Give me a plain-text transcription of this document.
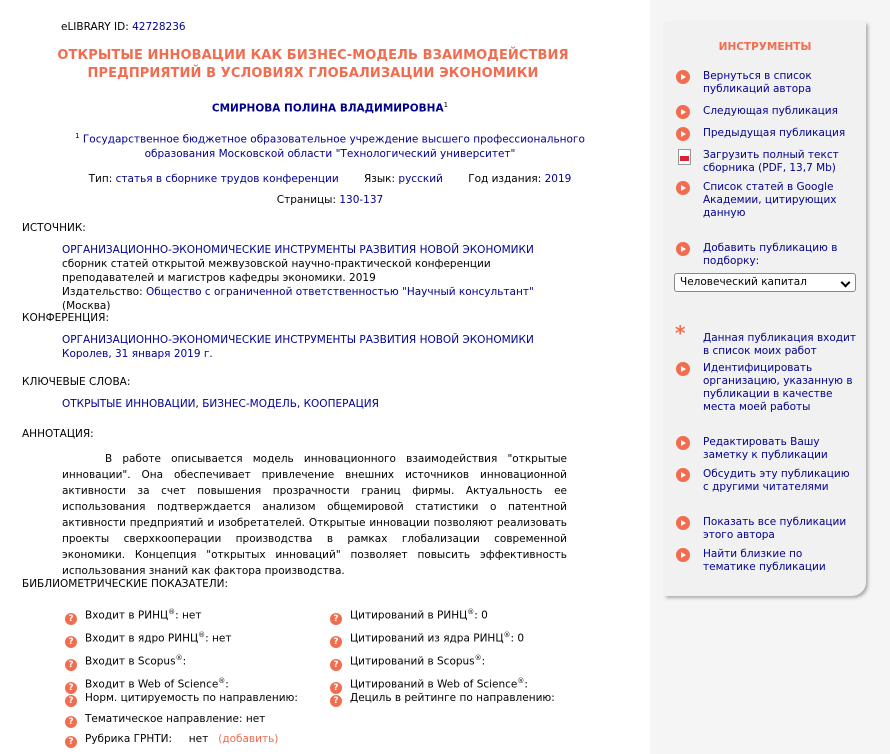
eLIBRARY ID: 42728236
ОТКРЫТЫЕ ИННОВАЦИИ КАК БИЗНЕС-МОДЕЛЬ ВЗАИМОДЕЙСТВИЯ ПРЕДПРИЯТИЙ В УСЛОВИЯХ ГЛОБАЛИЗАЦИИ ЭКОНОМИКИ
СМИРНОВА ПОЛИНА ВЛАДИМИРОВНА$^1$
$^1$ Государственное бюджетное образовательное учреждение высшего профессионального образования Московской области "Технологический университет"
Тип: статья в сборнике трудов конференции Язык: русский Год издания: 2019
Страницы: 130-137
ИСТОЧНИК:
ОРГАНИЗАЦИОННО-ЭКОНОМИЧЕСКИЕ ИНСТРУМЕНТЫ РАЗВИТИЯ НОВОЙ ЭКОНОМИКИ
сборник статей открытой межвузовской научно-практической конференции преподавателей и магистров кафедры экономики. 2019
Издательство: Общество с ограниченной ответственностью "Научный консультант" (Москва)
КОНФЕРЕНЦИЯ:
ОРГАНИЗАЦИОННО-ЭКОНОМИЧЕСКИЕ ИНСТРУМЕНТЫ РАЗВИТИЯ НОВОЙ ЭКОНОМИКИ
Королев, 31 января 2019 г.
КЛЮЧЕВЫЕ СЛОВА:
ОТКРЫТЫЕ ИННОВАЦИИ, БИЗНЕС-МОДЕЛЬ, КООПЕРАЦИЯ
АННОТАЦИЯ:
В работе описывается модель инновационного взаимодействия "открытые инновации". Она обеспечивает привлечение внешних источников инновационной активности за счет повышения прозрачности границ фирмы. Актуальность ее использования подтверждается анализом общемировой статистики о патентной активности предприятий и изобретателей. Открытые инновации позволяют реализовать проекты сверхкооперации производства в рамках глобализации современной экономики. Концепция "открытых инноваций" позволяет повысить эффективность использования знаний как фактора производства.
БИБЛИОМЕТРИЧЕСКИЕ ПОКАЗАТЕЛИ:
? Входит в РИНЦ®: нет
? Входит в ядро РИНЦ®: нет
? Входит в Scopus®:
? Входит в Web of Science®:
? Норм. цитируемость по направлению:
? Тематическое направление: нет
? Рубрика ГРНТИ: нет (добавить)
? Цитирований в РИНЦ®: 0
? Цитирований из ядра РИНЦ®: 0
? Цитирований в Scopus®:
? Цитирований в Web of Science®:
? Дециль в рейтинге по направлению:
ИНСТРУМЕНТЫ
Вернуться в список публикаций автора
Следующая публикация
Предыдущая публикация
Загрузить полный текст сборника (PDF, 13,7 Mb)
Список статей в Google Академии, цитирующих данную
Добавить публикацию в подборку:
Человеческий капитал
* Данная публикация входит в список моих работ
Идентифицировать организацию, указанную в публикации в качестве места моей работы
Редактировать Вашу заметку к публикации
Обсудить эту публикацию с другими читателями
Показать все публикации этого автора
Найти близкие по тематике публикации
